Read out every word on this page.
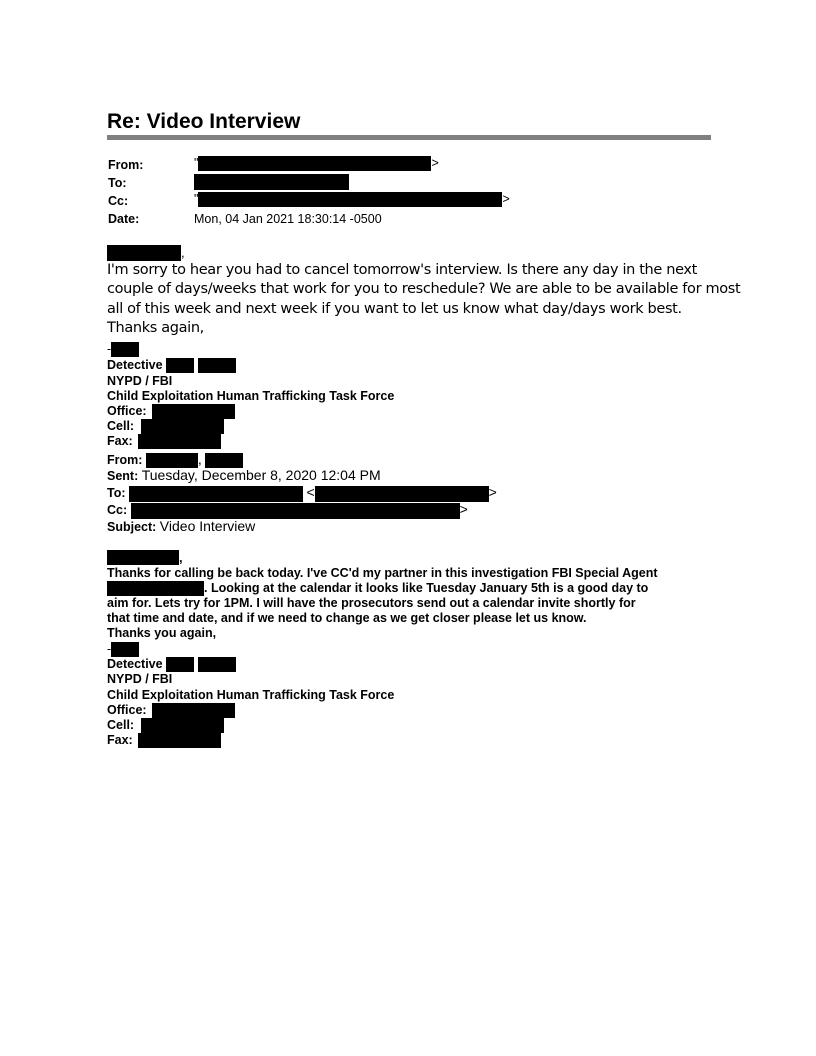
Re: Video Interview
From:	"	>
To:
Cc:	"	>
Date:	Mon, 04 Jan 2021 18:30:14 -0500
,
I'm sorry to hear you had to cancel tomorrow's interview. Is there any day in the next
couple of days/weeks that work for you to reschedule? We are able to be available for most
all of this week and next week if you want to let us know what day/days work best.
Thanks again,
-
Detective
NYPD / FBI
Child Exploitation Human Trafficking Task Force
Office:
Cell:
Fax:
From:	,
Sent: Tuesday, December 8, 2020 12:04 PM
To:	<	>
Cc:	>
Subject: Video Interview
,
Thanks for calling be back today. I've CC'd my partner in this investigation FBI Special Agent
. Looking at the calendar it looks like Tuesday January 5th is a good day to
aim for. Lets try for 1PM. I will have the prosecutors send out a calendar invite shortly for
that time and date, and if we need to change as we get closer please let us know.
Thanks you again,
-
Detective
NYPD / FBI
Child Exploitation Human Trafficking Task Force
Office:
Cell:
Fax:
